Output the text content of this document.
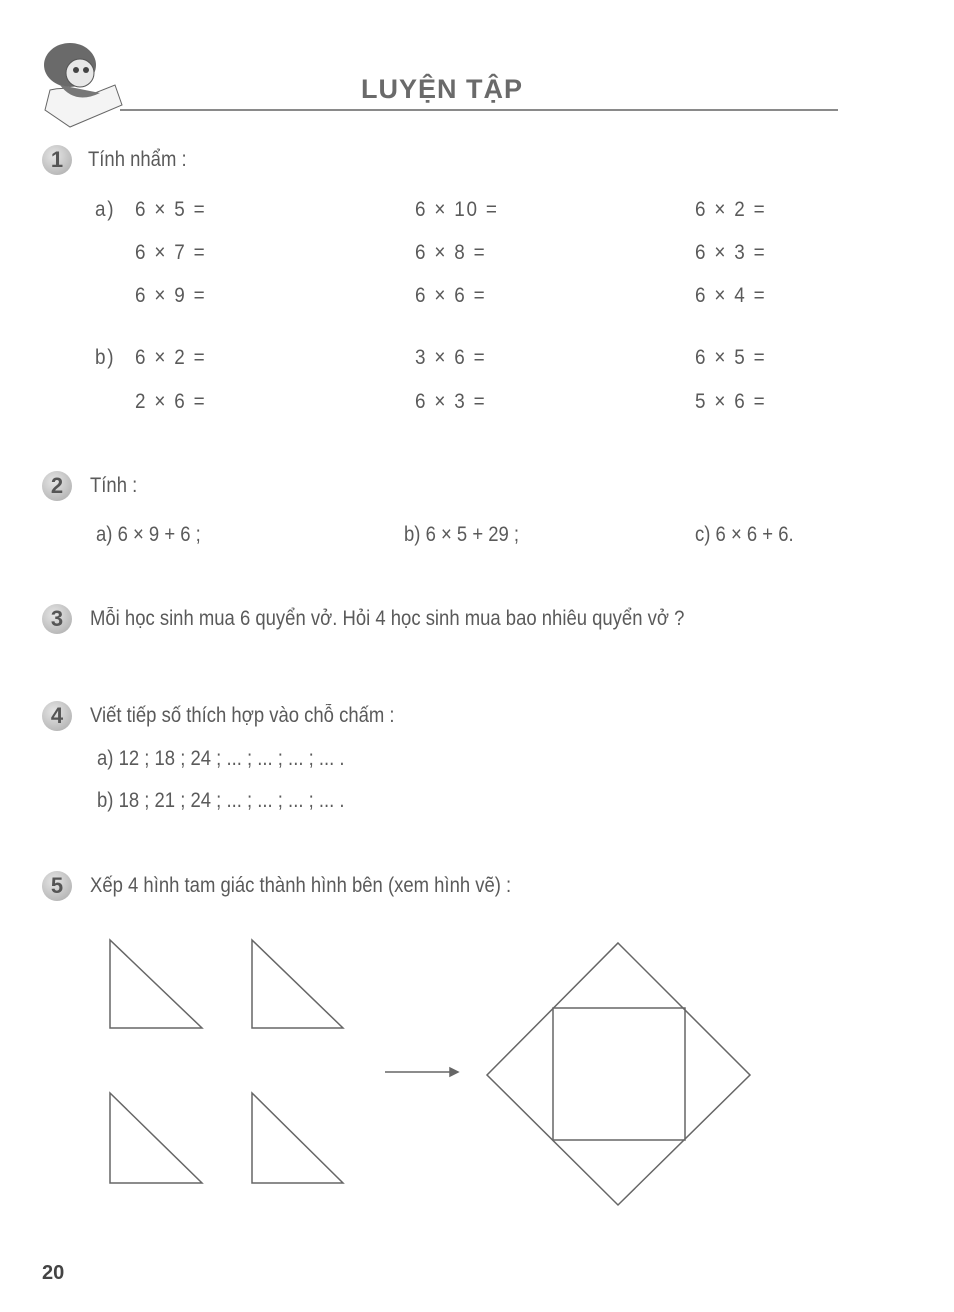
LUYỆN TẬP
1	Tính nhẩm :
a) 6 × 5 =	6 × 10 =	6 × 2 =
6 × 7 =	6 × 8 =	6 × 3 =
6 × 9 =	6 × 6 =	6 × 4 =
b) 6 × 2 =	3 × 6 =	6 × 5 =
2 × 6 =	6 × 3 =	5 × 6 =
2	Tính :
a) 6 × 9 + 6 ;	b) 6 × 5 + 29 ;	c) 6 × 6 + 6.
3	Mỗi học sinh mua 6 quyển vở. Hỏi 4 học sinh mua bao nhiêu quyển vở ?
4	Viết tiếp số thích hợp vào chỗ chấm :
a) 12 ; 18 ; 24 ; ... ; ... ; ... ; ... .
b) 18 ; 21 ; 24 ; ... ; ... ; ... ; ... .
5	Xếp 4 hình tam giác thành hình bên (xem hình vẽ) :
20
